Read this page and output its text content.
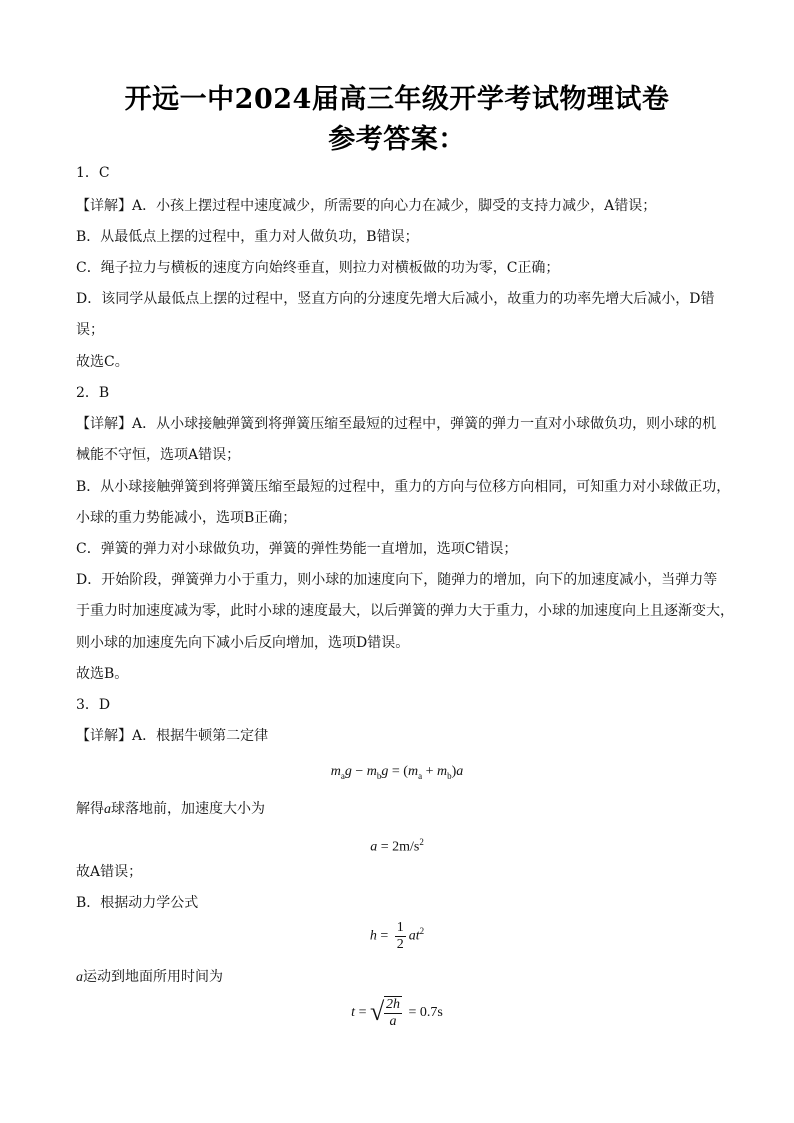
开远一中2024届高三年级开学考试物理试卷
参考答案：
1．C
【详解】A．小孩上摆过程中速度减少，所需要的向心力在减少，脚受的支持力减少，A错误；
B．从最低点上摆的过程中，重力对人做负功，B错误；
C．绳子拉力与横板的速度方向始终垂直，则拉力对横板做的功为零，C正确；
D．该同学从最低点上摆的过程中，竖直方向的分速度先增大后减小，故重力的功率先增大后减小，D错
误；
故选C。
2．B
【详解】A．从小球接触弹簧到将弹簧压缩至最短的过程中，弹簧的弹力一直对小球做负功，则小球的机
械能不守恒，选项A错误；
B．从小球接触弹簧到将弹簧压缩至最短的过程中，重力的方向与位移方向相同，可知重力对小球做正功，
小球的重力势能减小，选项B正确；
C．弹簧的弹力对小球做负功，弹簧的弹性势能一直增加，选项C错误；
D．开始阶段，弹簧弹力小于重力，则小球的加速度向下，随弹力的增加，向下的加速度减小，当弹力等
于重力时加速度减为零，此时小球的速度最大，以后弹簧的弹力大于重力，小球的加速度向上且逐渐变大，
则小球的加速度先向下减小后反向增加，选项D错误。
故选B。
3．D
【详解】A．根据牛顿第二定律
$m_ag - m_bg = (m_a + m_b)a$
解得a球落地前，加速度大小为
$a = 2m/s^2$
故A错误；
B．根据动力学公式
$h = \frac{1}{2} at^2$
a运动到地面所用时间为
t = √ $\frac{2h}{a} = 0.7s$
